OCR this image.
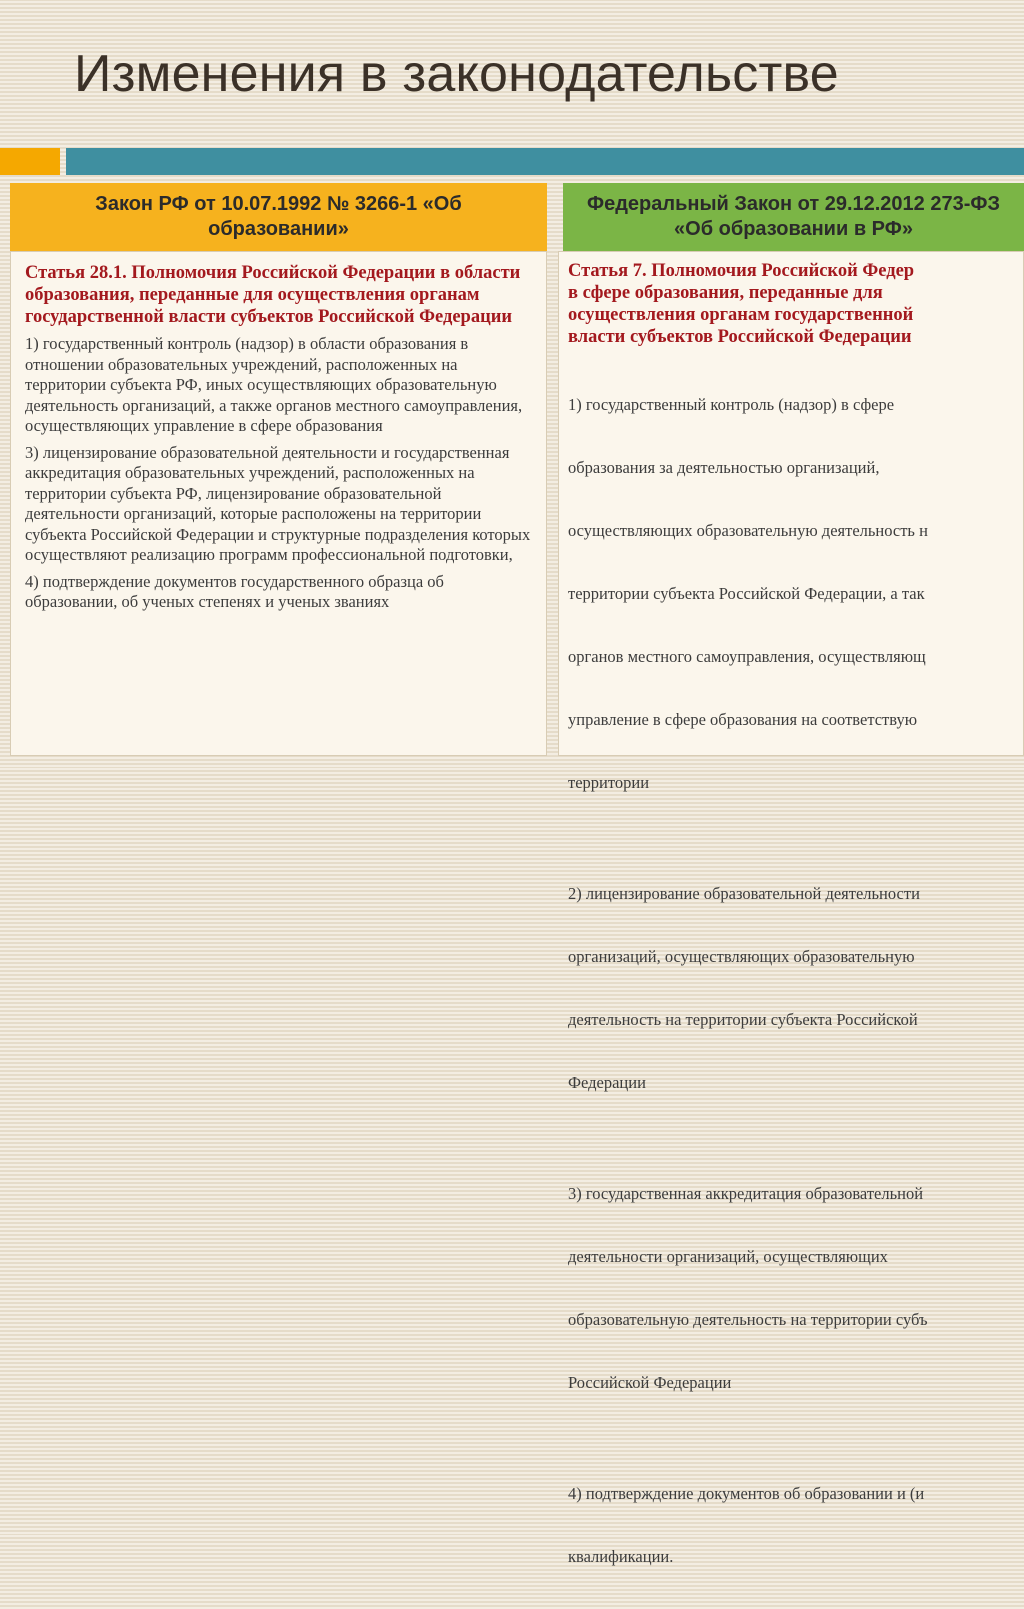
Изменения в законодательстве
Закон РФ от 10.07.1992 № 3266-1 «Об образовании»
Федеральный Закон от 29.12.2012 273-ФЗ «Об образовании в РФ»
Статья 28.1. Полномочия Российской Федерации в области образования, переданные для осуществления органам государственной власти субъектов Российской Федерации
1) государственный контроль (надзор) в области образования в отношении образовательных учреждений, расположенных на территории субъекта РФ, иных осуществляющих образовательную деятельность организаций, а также органов местного самоуправления, осуществляющих управление в сфере образования
3) лицензирование образовательной деятельности и государственная аккредитация образовательных учреждений, расположенных на территории субъекта РФ, лицензирование образовательной деятельности организаций, которые расположены на территории субъекта Российской Федерации и структурные подразделения которых осуществляют реализацию программ профессиональной подготовки,
4) подтверждение документов государственного образца об образовании, об ученых степенях и ученых званиях
Статья 7. Полномочия Российской Федер
в сфере образования, переданные для
осуществления органам государственной
власти субъектов Российской Федерации

1) государственный контроль (надзор) в сфере

образования за деятельностью организаций,

осуществляющих образовательную деятельность н

территории субъекта Российской Федерации, а так

органов местного самоуправления, осуществляющ

управление в сфере образования на соответствую

территории

2) лицензирование образовательной деятельности

организаций, осуществляющих образовательную

деятельность на территории субъекта Российской

Федерации

3) государственная аккредитация образовательной

деятельности организаций, осуществляющих

образовательную деятельность на территории субъ

Российской Федерации

4) подтверждение документов об образовании и (и

квалификации.
